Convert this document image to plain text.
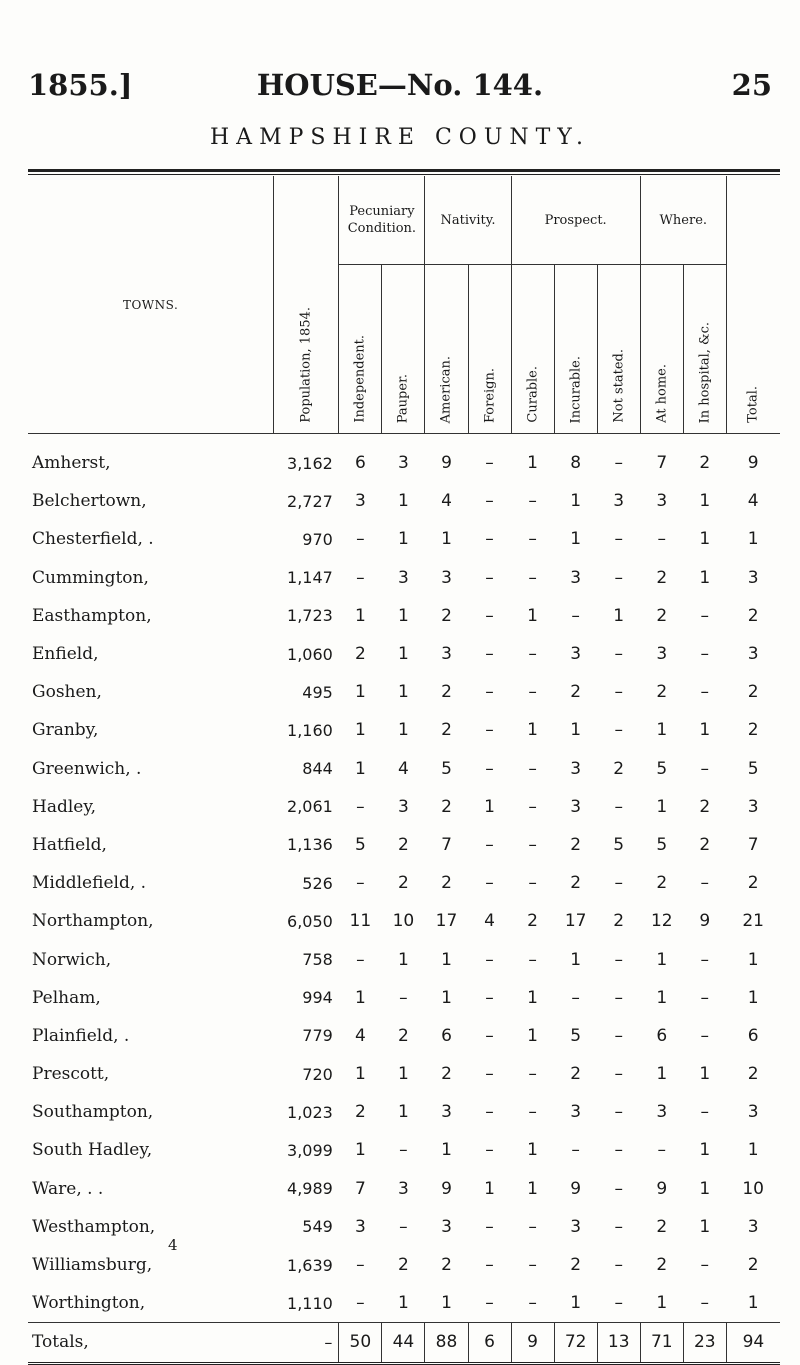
1855.]	HOUSE—No. 144.	25
HAMPSHIRE COUNTY.
TOWNS.	Population, 1854.	Pecuniary Condition.		Nativity.		Prospect.			Where.		Total.

		Independent.	Pauper.	American.	Foreign.	Curable.	Incurable.	Not stated.	At home.	In hospital, &c.	

Amherst,	3,162	6	3	9	–	1	8	–	7	2	9
Belchertown,	2,727	3	1	4	–	–	1	3	3	1	4
Chesterfield, .	970	–	1	1	–	–	1	–	–	1	1
Cummington,	1,147	–	3	3	–	–	3	–	2	1	3
Easthampton,	1,723	1	1	2	–	1	–	1	2	–	2
Enfield,	1,060	2	1	3	–	–	3	–	3	–	3
Goshen,	495	1	1	2	–	–	2	–	2	–	2
Granby,	1,160	1	1	2	–	1	1	–	1	1	2
Greenwich, .	844	1	4	5	–	–	3	2	5	–	5
Hadley,	2,061	–	3	2	1	–	3	–	1	2	3
Hatfield,	1,136	5	2	7	–	–	2	5	5	2	7
Middlefield, .	526	–	2	2	–	–	2	–	2	–	2
Northampton,	6,050	11	10	17	4	2	17	2	12	9	21
Norwich,	758	–	1	1	–	–	1	–	1	–	1
Pelham,	994	1	–	1	–	1	–	–	1	–	1
Plainfield, .	779	4	2	6	–	1	5	–	6	–	6
Prescott,	720	1	1	2	–	–	2	–	1	1	2
Southampton,	1,023	2	1	3	–	–	3	–	3	–	3
South Hadley,	3,099	1	–	1	–	1	–	–	–	1	1
Ware, . .	4,989	7	3	9	1	1	9	–	9	1	10
Westhampton,	549	3	–	3	–	–	3	–	2	1	3
Williamsburg,	1,639	–	2	2	–	–	2	–	2	–	2
Worthington,	1,110	–	1	1	–	–	1	–	1	–	1
Totals,	–	50	44	88	6	9	72	13	71	23	94
4
